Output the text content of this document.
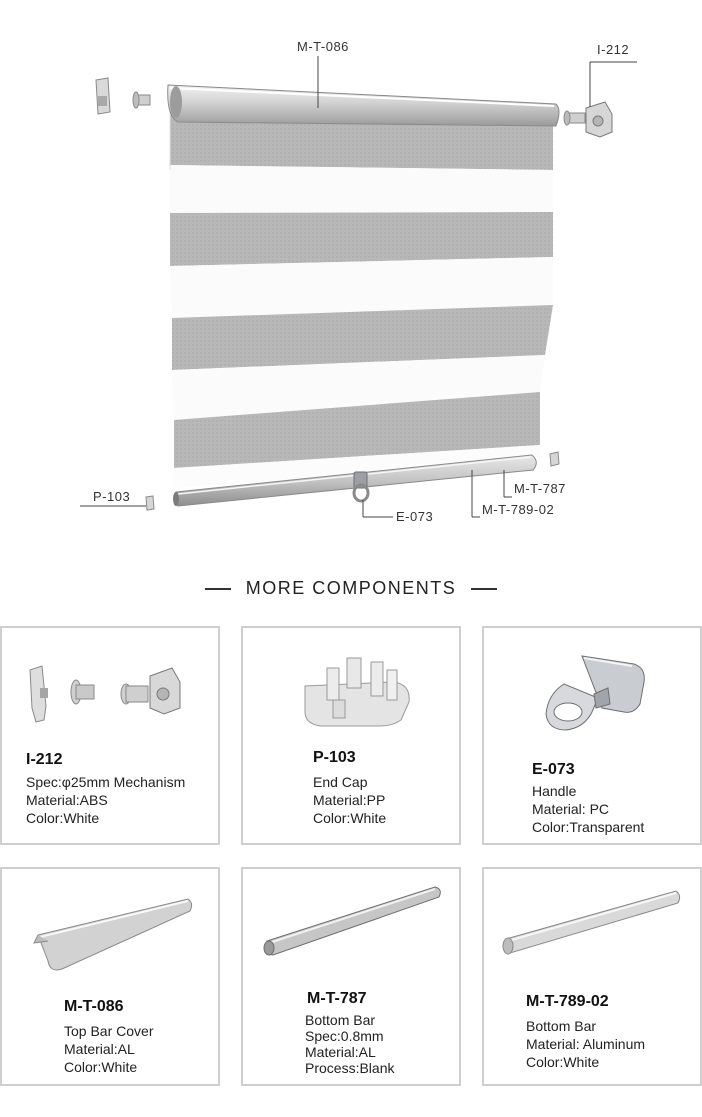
M-T-086	I-212
P-103
E-073
M-T-787
M-T-789-02
MORE COMPONENTS
I-212
Spec:φ25mm Mechanism
Material:ABS
Color:White
P-103
End Cap
Material:PP
Color:White
E-073
Handle
Material: PC
Color:Transparent
M-T-086
Top Bar Cover
Material:AL
Color:White
M-T-787
Bottom Bar
Spec:0.8mm
Material:AL
Process:Blank
M-T-789-02
Bottom Bar
Material: Aluminum
Color:White
